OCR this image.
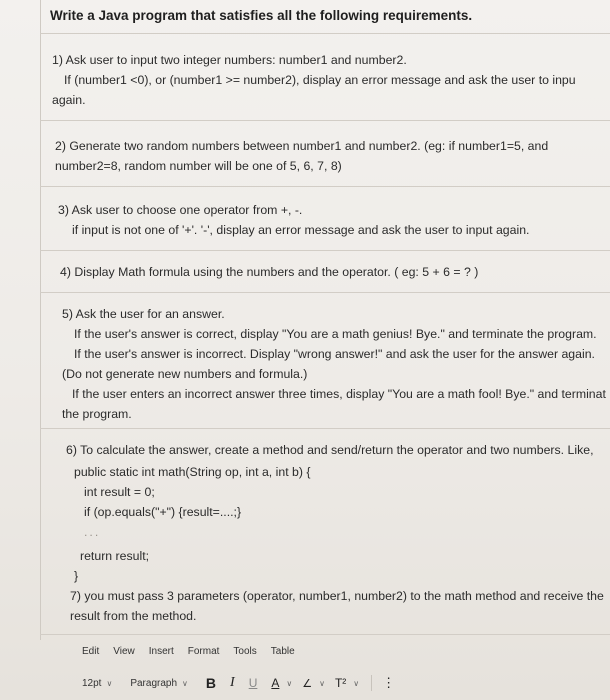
Write a Java program that satisfies all the following requirements.
1) Ask user to input two integer numbers: number1 and number2.
If (number1 <0), or (number1 >= number2), display an error message and ask the user to inpu
again.
2) Generate two random numbers between number1 and number2. (eg: if number1=5, and
number2=8, random number will be one of 5, 6, 7, 8)
3) Ask user to choose one operator from +, -.
if input is not one of '+'. '-', display an error message and ask the user to input again.
4) Display Math formula using the numbers and the operator. ( eg: 5 + 6 = ? )
5) Ask the user for an answer.
If the user's answer is correct, display "You are a math genius! Bye." and terminate the program.
If the user's answer is incorrect. Display "wrong answer!" and ask the user for the answer again.
(Do not generate new numbers and formula.)
If the user enters an incorrect answer three times, display "You are a math fool! Bye." and terminat
the program.
6) To calculate the answer, create a method and send/return the operator and two numbers. Like,
public static int math(String op, int a, int b) {
int result = 0;
if (op.equals("+") {result=....;}
...
return result;
}
7) you must pass 3 parameters (operator, number1, number2) to the math method and receive the
result from the method.
Edit View Insert Format Tools Table
12pt ∨ Paragraph ∨ B I U A ∨ ∠ ∨ T² ∨ ⋮
